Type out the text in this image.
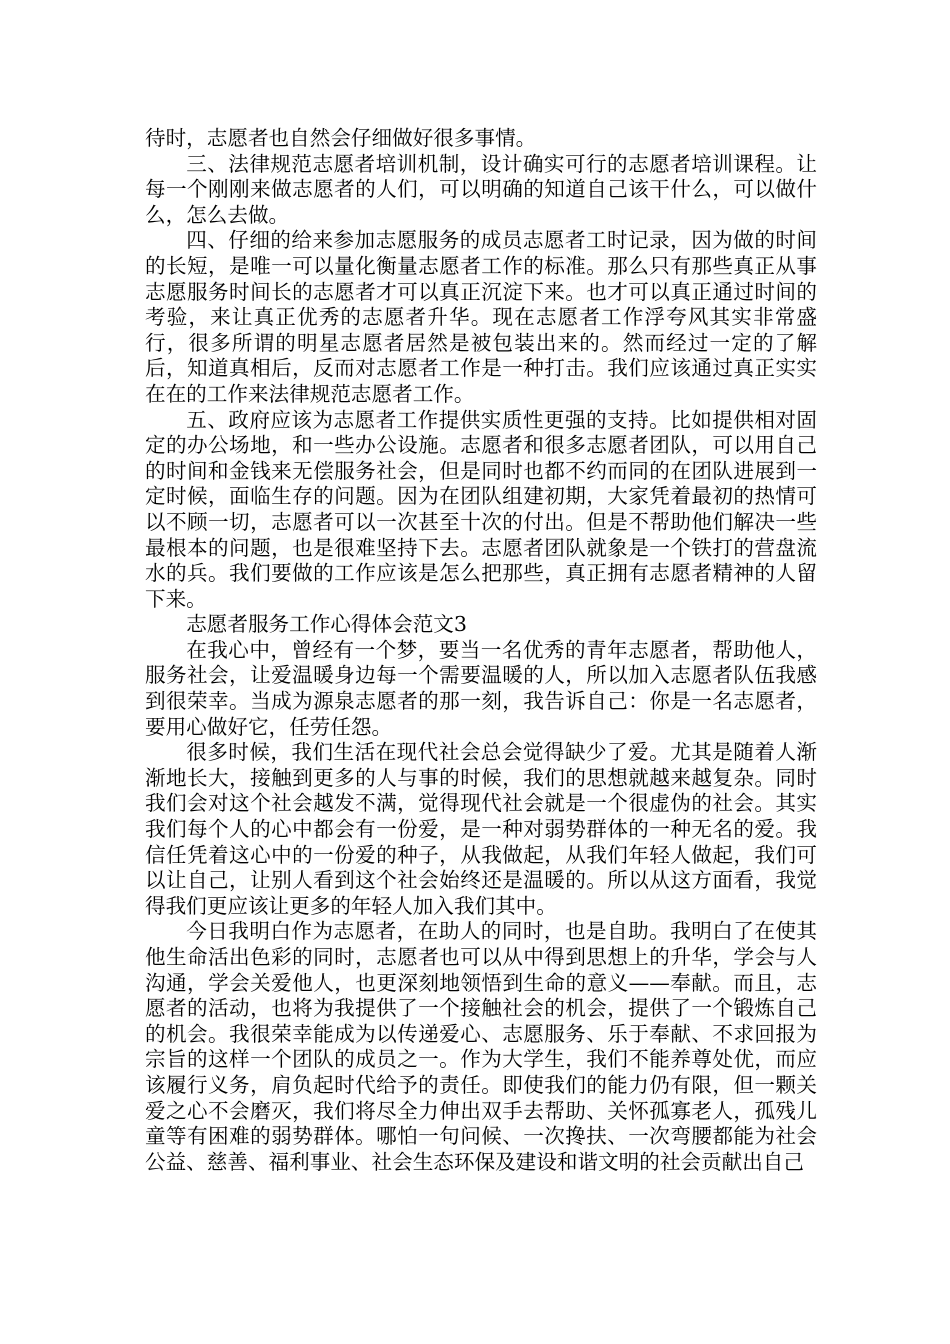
待时，志愿者也自然会仔细做好很多事情。

三、法律规范志愿者培训机制，设计确实可行的志愿者培训课程。让每一个刚刚来做志愿者的人们，可以明确的知道自己该干什么，可以做什么，怎么去做。

四、仔细的给来参加志愿服务的成员志愿者工时记录，因为做的时间的长短，是唯一可以量化衡量志愿者工作的标准。那么只有那些真正从事志愿服务时间长的志愿者才可以真正沉淀下来。也才可以真正通过时间的考验，来让真正优秀的志愿者升华。现在志愿者工作浮夸风其实非常盛行，很多所谓的明星志愿者居然是被包装出来的。然而经过一定的了解后，知道真相后，反而对志愿者工作是一种打击。我们应该通过真正实实在在的工作来法律规范志愿者工作。

五、政府应该为志愿者工作提供实质性更强的支持。比如提供相对固定的办公场地，和一些办公设施。志愿者和很多志愿者团队，可以用自己的时间和金钱来无偿服务社会，但是同时也都不约而同的在团队进展到一定时候，面临生存的问题。因为在团队组建初期，大家凭着最初的热情可以不顾一切，志愿者可以一次甚至十次的付出。但是不帮助他们解决一些最根本的问题，也是很难坚持下去。志愿者团队就象是一个铁打的营盘流水的兵。我们要做的工作应该是怎么把那些，真正拥有志愿者精神的人留下来。

志愿者服务工作心得体会范文3

在我心中，曾经有一个梦，要当一名优秀的青年志愿者，帮助他人，服务社会，让爱温暖身边每一个需要温暖的人，所以加入志愿者队伍我感到很荣幸。当成为源泉志愿者的那一刻，我告诉自己：你是一名志愿者，要用心做好它，任劳任怨。

很多时候，我们生活在现代社会总会觉得缺少了爱。尤其是随着人渐渐地长大，接触到更多的人与事的时候，我们的思想就越来越复杂。同时我们会对这个社会越发不满，觉得现代社会就是一个很虚伪的社会。其实我们每个人的心中都会有一份爱，是一种对弱势群体的一种无名的爱。我信任凭着这心中的一份爱的种子，从我做起，从我们年轻人做起，我们可以让自己，让别人看到这个社会始终还是温暖的。所以从这方面看，我觉得我们更应该让更多的年轻人加入我们其中。

今日我明白作为志愿者，在助人的同时，也是自助。我明白了在使其他生命活出色彩的同时，志愿者也可以从中得到思想上的升华，学会与人沟通，学会关爱他人，也更深刻地领悟到生命的意义——奉献。而且，志愿者的活动，也将为我提供了一个接触社会的机会，提供了一个锻炼自己的机会。我很荣幸能成为以传递爱心、志愿服务、乐于奉献、不求回报为宗旨的这样一个团队的成员之一。作为大学生，我们不能养尊处优，而应该履行义务，肩负起时代给予的责任。即使我们的能力仍有限，但一颗关爱之心不会磨灭，我们将尽全力伸出双手去帮助、关怀孤寡老人，孤残儿童等有困难的弱势群体。哪怕一句问候、一次搀扶、一次弯腰都能为社会公益、慈善、福利事业、社会生态环保及建设和谐文明的社会贡献出自己
